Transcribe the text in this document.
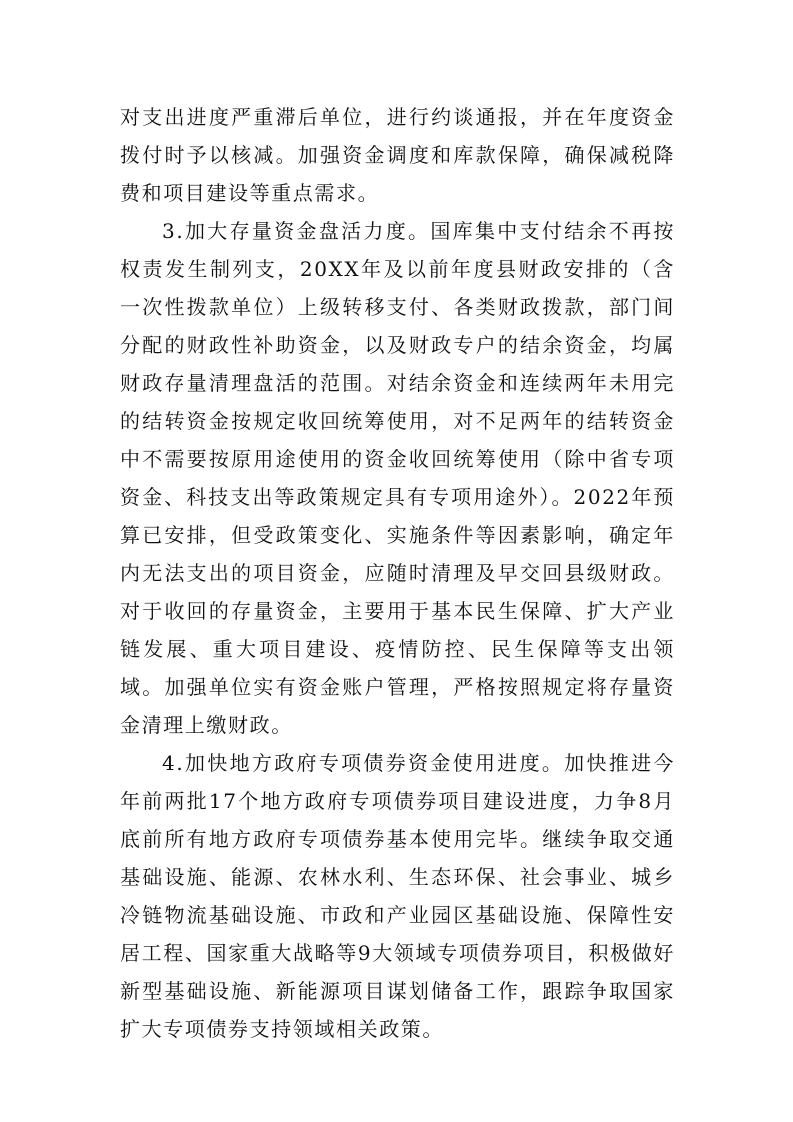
对支出进度严重滞后单位，进行约谈通报，并在年度资金拨付时予以核减。加强资金调度和库款保障，确保减税降费和项目建设等重点需求。

3.加大存量资金盘活力度。国库集中支付结余不再按权责发生制列支，20XX年及以前年度县财政安排的（含一次性拨款单位）上级转移支付、各类财政拨款，部门间分配的财政性补助资金，以及财政专户的结余资金，均属财政存量清理盘活的范围。对结余资金和连续两年未用完的结转资金按规定收回统筹使用，对不足两年的结转资金中不需要按原用途使用的资金收回统筹使用（除中省专项资金、科技支出等政策规定具有专项用途外）。2022年预算已安排，但受政策变化、实施条件等因素影响，确定年内无法支出的项目资金，应随时清理及早交回县级财政。对于收回的存量资金，主要用于基本民生保障、扩大产业链发展、重大项目建设、疫情防控、民生保障等支出领域。加强单位实有资金账户管理，严格按照规定将存量资金清理上缴财政。

4.加快地方政府专项债券资金使用进度。加快推进今年前两批17个地方政府专项债券项目建设进度，力争8月底前所有地方政府专项债券基本使用完毕。继续争取交通基础设施、能源、农林水利、生态环保、社会事业、城乡冷链物流基础设施、市政和产业园区基础设施、保障性安居工程、国家重大战略等9大领域专项债券项目，积极做好新型基础设施、新能源项目谋划储备工作，跟踪争取国家扩大专项债券支持领域相关政策。
